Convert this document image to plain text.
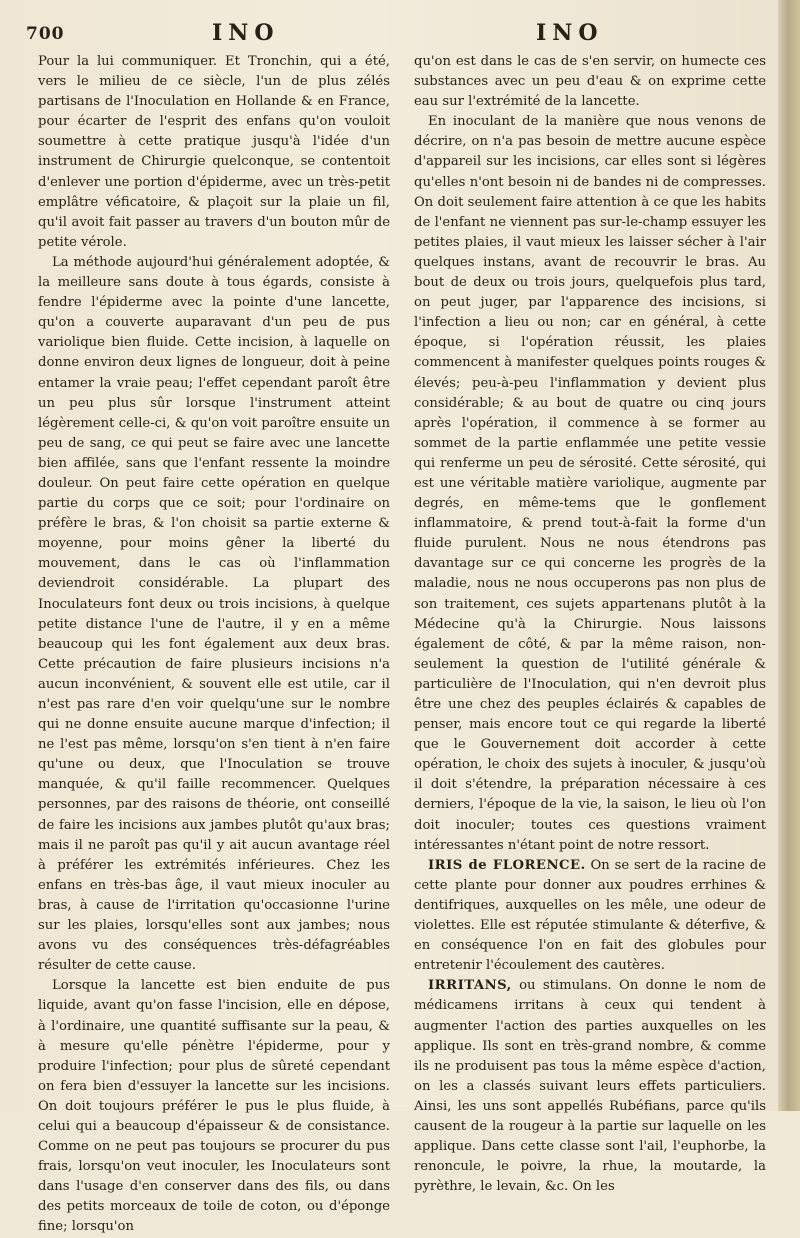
700	INO	INO

Pour la lui communiquer. Et Tronchin, qui a été, vers le milieu de ce siècle, l'un de plus zélés partisans de l'Inoculation en Hollande & en France, pour écarter de l'esprit des enfans qu'on vouloit soumettre à cette pratique jusqu'à l'idée d'un instrument de Chirurgie quelconque, se contentoit d'enlever une portion d'épiderme, avec un très-petit emplâtre véficatoire, & plaçoit sur la plaie un fil, qu'il avoit fait passer au travers d'un bouton mûr de petite vérole.

La méthode aujourd'hui généralement adoptée, & la meilleure sans doute à tous égards, consiste à fendre l'épiderme avec la pointe d'une lancette, qu'on a couverte auparavant d'un peu de pus variolique bien fluide. Cette incision, à laquelle on donne environ deux lignes de longueur, doit à peine entamer la vraie peau; l'effet cependant paroît être un peu plus sûr lorsque l'instrument atteint légèrement celle-ci, & qu'on voit paroître ensuite un peu de sang, ce qui peut se faire avec une lancette bien affilée, sans que l'enfant ressente la moindre douleur. On peut faire cette opération en quelque partie du corps que ce soit; pour l'ordinaire on préfère le bras, & l'on choisit sa partie externe & moyenne, pour moins gêner la liberté du mouvement, dans le cas où l'inflammation deviendroit considérable. La plupart des Inoculateurs font deux ou trois incisions, à quelque petite distance l'une de l'autre, il y en a même beaucoup qui les font également aux deux bras. Cette précaution de faire plusieurs incisions n'a aucun inconvénient, & souvent elle est utile, car il n'est pas rare d'en voir quelqu'une sur le nombre qui ne donne ensuite aucune marque d'infection; il ne l'est pas même, lorsqu'on s'en tient à n'en faire qu'une ou deux, que l'Inoculation se trouve manquée, & qu'il faille recommencer. Quelques personnes, par des raisons de théorie, ont conseillé de faire les incisions aux jambes plutôt qu'aux bras; mais il ne paroît pas qu'il y ait aucun avantage réel à préférer les extrémités inférieures. Chez les enfans en très-bas âge, il vaut mieux inoculer au bras, à cause de l'irritation qu'occasionne l'urine sur les plaies, lorsqu'elles sont aux jambes; nous avons vu des conséquences très-défagréables résulter de cette cause.

Lorsque la lancette est bien enduite de pus liquide, avant qu'on fasse l'incision, elle en dépose, à l'ordinaire, une quantité suffisante sur la peau, & à mesure qu'elle pénètre l'épiderme, pour y produire l'infection; pour plus de sûreté cependant on fera bien d'essuyer la lancette sur les incisions. On doit toujours préférer le pus le plus fluide, à celui qui a beaucoup d'épaisseur & de consistance. Comme on ne peut pas toujours se procurer du pus frais, lorsqu'on veut inoculer, les Inoculateurs sont dans l'usage d'en conserver dans des fils, ou dans des petits morceaux de toile de coton, ou d'éponge fine; lorsqu'on

qu'on est dans le cas de s'en servir, on humecte ces substances avec un peu d'eau & on exprime cette eau sur l'extrémité de la lancette.

En inoculant de la manière que nous venons de décrire, on n'a pas besoin de mettre aucune espèce d'appareil sur les incisions, car elles sont si légères qu'elles n'ont besoin ni de bandes ni de compresses. On doit seulement faire attention à ce que les habits de l'enfant ne viennent pas sur-le-champ essuyer les petites plaies, il vaut mieux les laisser sécher à l'air quelques instans, avant de recouvrir le bras. Au bout de deux ou trois jours, quelquefois plus tard, on peut juger, par l'apparence des incisions, si l'infection a lieu ou non; car en général, à cette époque, si l'opération réussit, les plaies commencent à manifester quelques points rouges & élevés; peu-à-peu l'inflammation y devient plus considérable; & au bout de quatre ou cinq jours après l'opération, il commence à se former au sommet de la partie enflammée une petite vessie qui renferme un peu de sérosité. Cette sérosité, qui est une véritable matière variolique, augmente par degrés, en même-tems que le gonflement inflammatoire, & prend tout-à-fait la forme d'un fluide purulent. Nous ne nous étendrons pas davantage sur ce qui concerne les progrès de la maladie, nous ne nous occuperons pas non plus de son traitement, ces sujets appartenans plutôt à la Médecine qu'à la Chirurgie. Nous laissons également de côté, & par la même raison, non-seulement la question de l'utilité générale & particulière de l'Inoculation, qui n'en devroit plus être une chez des peuples éclairés & capables de penser, mais encore tout ce qui regarde la liberté que le Gouvernement doit accorder à cette opération, le choix des sujets à inoculer, & jusqu'où il doit s'étendre, la préparation nécessaire à ces derniers, l'époque de la vie, la saison, le lieu où l'on doit inoculer; toutes ces questions vraiment intéressantes n'étant point de notre ressort.

IRIS de FLORENCE. On se sert de la racine de cette plante pour donner aux poudres errhines & dentifriques, auxquelles on les mêle, une odeur de violettes. Elle est réputée stimulante & déterfive, & en conséquence l'on en fait des globules pour entretenir l'écoulement des cautères.

IRRITANS, ou stimulans. On donne le nom de médicamens irritans à ceux qui tendent à augmenter l'action des parties auxquelles on les applique. Ils sont en très-grand nombre, & comme ils ne produisent pas tous la même espèce d'action, on les a classés suivant leurs effets particuliers. Ainsi, les uns sont appellés Rubéfians, parce qu'ils causent de la rougeur à la partie sur laquelle on les applique. Dans cette classe sont l'ail, l'euphorbe, la renoncule, le poivre, la rhue, la moutarde, la pyrèthre, le levain, &c. On les
